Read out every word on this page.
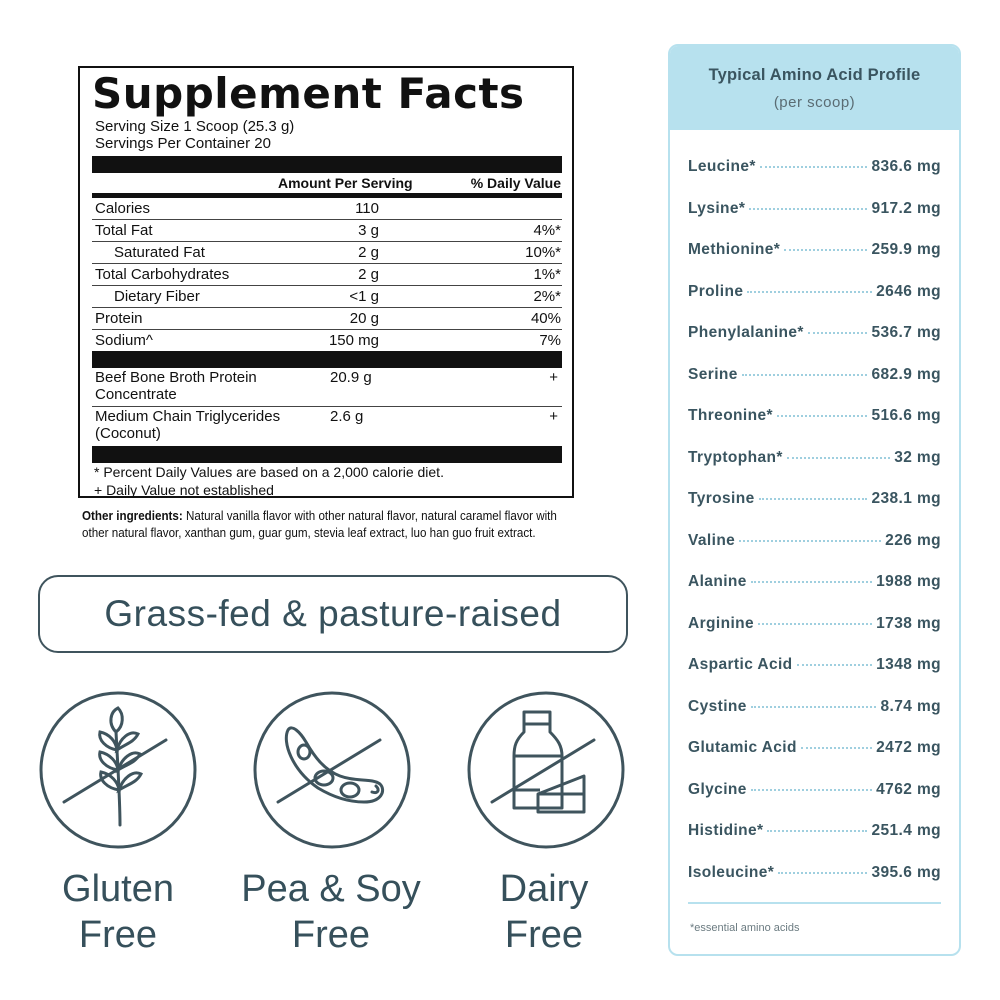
Supplement Facts
Serving Size 1 Scoop (25.3 g)
Servings Per Container 20
Amount Per Serving	% Daily Value
Calories	110
Total Fat	3 g	4%*
Saturated Fat	2 g	10%*
Total Carbohydrates	2 g	1%*
Dietary Fiber	<1 g	2%*
Protein	20 g	40%
Sodium^	150 mg	7%
Beef Bone Broth Protein Concentrate
20.9 g	+
Medium Chain Triglycerides (Coconut)
2.6 g	+
* Percent Daily Values are based on a 2,000 calorie diet.
+ Daily Value not established
Other ingredients: Natural vanilla flavor with other natural flavor, natural caramel flavor with other natural flavor, xanthan gum, guar gum, stevia leaf extract, luo han guo fruit extract.
Grass-fed & pasture-raised
Gluten
Free
Pea & Soy
Free
Dairy
Free
Typical Amino Acid Profile
(per scoop)
Leucine*	836.6 mg
Lysine*	917.2 mg
Methionine*	259.9 mg
Proline	2646 mg
Phenylalanine*	536.7 mg
Serine	682.9 mg
Threonine*	516.6 mg
Tryptophan*	32 mg
Tyrosine	238.1 mg
Valine	226 mg
Alanine	1988 mg
Arginine	1738 mg
Aspartic Acid	1348 mg
Cystine	8.74 mg
Glutamic Acid	2472 mg
Glycine	4762 mg
Histidine*	251.4 mg
Isoleucine*	395.6 mg
*essential amino acids
